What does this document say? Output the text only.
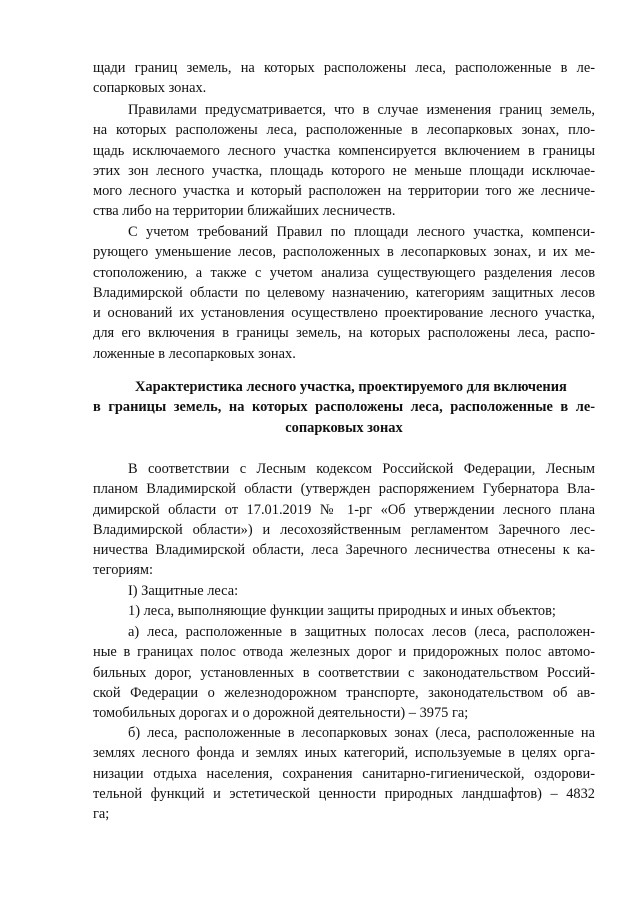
щади границ земель, на которых расположены леса, расположенные в ле-
сопарковых зонах.

Правилами предусматривается, что в случае изменения границ земель,
на которых расположены леса, расположенные в лесопарковых зонах, пло-
щадь исключаемого лесного участка компенсируется включением в границы
этих зон лесного участка, площадь которого не меньше площади исключае-
мого лесного участка и который расположен на территории того же лесниче-
ства либо на территории ближайших лесничеств.

С учетом требований Правил по площади лесного участка, компенси-
рующего уменьшение лесов, расположенных в лесопарковых зонах, и их ме-
стоположению, а также с учетом анализа существующего разделения лесов
Владимирской области по целевому назначению, категориям защитных лесов
и оснований их установления осуществлено проектирование лесного участка,
для его включения в границы земель, на которых расположены леса, распо-
ложенные в лесопарковых зонах.

Характеристика лесного участка, проектируемого для включения
в границы земель, на которых расположены леса, расположенные в ле-
сопарковых зонах

В соответствии с Лесным кодексом Российской Федерации, Лесным
планом Владимирской области (утвержден распоряжением Губернатора Вла-
димирской области от 17.01.2019 № 1-рг «Об утверждении лесного плана
Владимирской области») и лесохозяйственным регламентом Заречного лес-
ничества Владимирской области, леса Заречного лесничества отнесены к ка-
тегориям:

I) Защитные леса:

1) леса, выполняющие функции защиты природных и иных объектов;

а) леса, расположенные в защитных полосах лесов (леса, расположен-
ные в границах полос отвода железных дорог и придорожных полос автомо-
бильных дорог, установленных в соответствии с законодательством Россий-
ской Федерации о железнодорожном транспорте, законодательством об ав-
томобильных дорогах и о дорожной деятельности) – 3975 га;

б) леса, расположенные в лесопарковых зонах (леса, расположенные на
землях лесного фонда и землях иных категорий, используемые в целях орга-
низации отдыха населения, сохранения санитарно-гигиенической, оздорови-
тельной функций и эстетической ценности природных ландшафтов) – 4832
га;
